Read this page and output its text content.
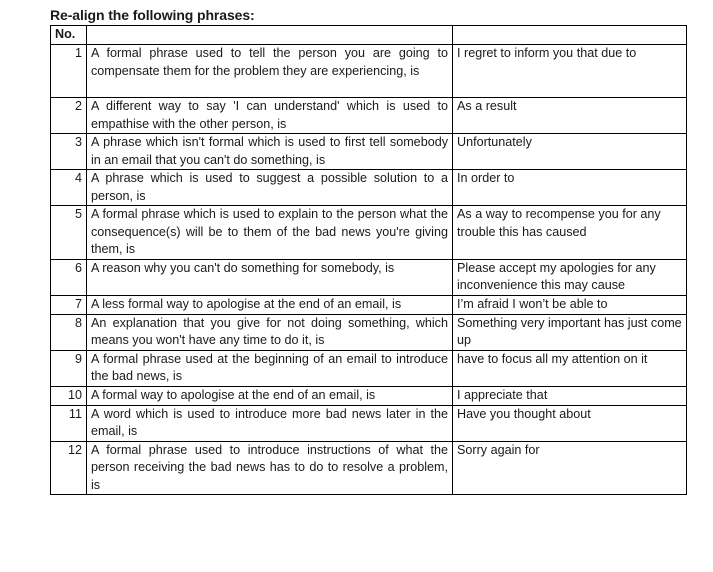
Re-align the following phrases:
No.		
1	A formal phrase used to tell the person you are going to compensate them for the problem they are experiencing, is	I regret to inform you that due to
2	A different way to say 'I can understand' which is used to empathise with the other person, is	As a result
3	A phrase which isn't formal which is used to first tell somebody in an email that you can't do something, is	Unfortunately
4	A phrase which is used to suggest a possible solution to a person, is	In order to
5	A formal phrase which is used to explain to the person what the consequence(s) will be to them of the bad news you're giving them, is	As a way to recompense you for any trouble this has caused
6	A reason why you can't do something for somebody, is	Please accept my apologies for any inconvenience this may cause
7	A less formal way to apologise at the end of an email, is	I’m afraid I won’t be able to
8	An explanation that you give for not doing something, which means you won't have any time to do it, is	Something very important has just come up
9	A formal phrase used at the beginning of an email to introduce the bad news, is	have to focus all my attention on it
10	A formal way to apologise at the end of an email, is	I appreciate that
11	A word which is used to introduce more bad news later in the email, is	Have you thought about
12	A formal phrase used to introduce instructions of what the person receiving the bad news has to do to resolve a problem, is	Sorry again for
